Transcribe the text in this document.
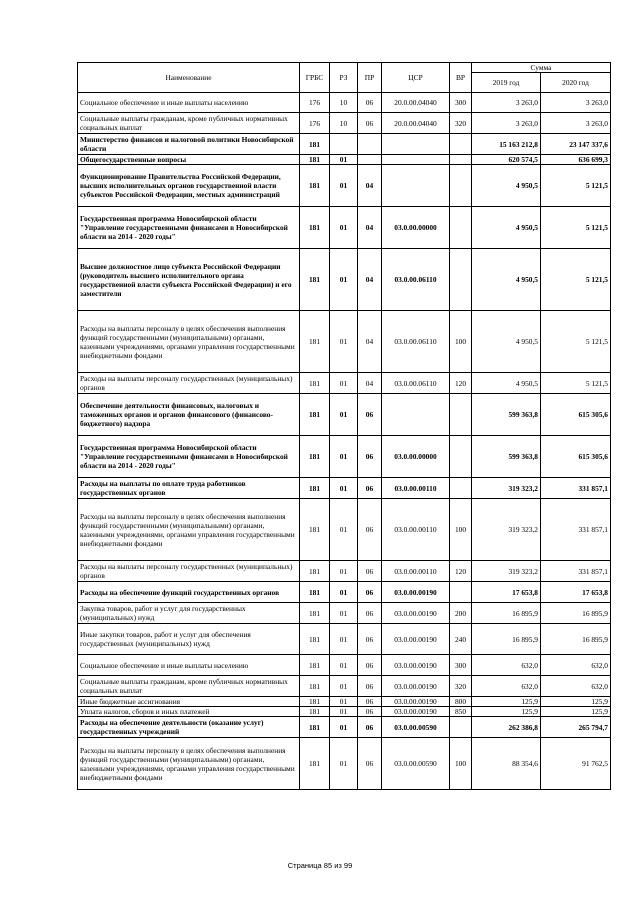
Наименование	ГРБС	РЗ	ПР	ЦСР	ВР	Сумма	
						2019 год	2020 год
Социальное обеспечение и иные выплаты населению	176	10	06	20.0.00.04040	300	3 263,0	3 263,0
Социальные выплаты гражданам, кроме публичных нормативных социальных выплат	176	10	06	20.0.00.04040	320	3 263,0	3 263,0
Министерство финансов и налоговой политики Новосибирской области	181					15 163 212,8	23 147 337,6
Общегосударственные вопросы	181	01				620 574,5	636 699,3
Функционирование Правительства Российской Федерации, высших исполнительных органов государственной власти субъектов Российской Федерации, местных администраций	181	01	04			4 950,5	5 121,5
Государственная программа Новосибирской области "Управление государственными финансами в Новосибирской области на 2014 - 2020 годы"	181	01	04	03.0.00.00000		4 950,5	5 121,5
Высшее должностное лицо субъекта Российской Федерации (руководитель высшего исполнительного органа государственной власти субъекта Российской Федерации) и его заместители	181	01	04	03.0.00.06110		4 950,5	5 121,5
Расходы на выплаты персоналу в целях обеспечения выполнения функций государственными (муниципальными) органами, казенными учреждениями, органами управления государственными внебюджетными фондами	181	01	04	03.0.00.06110	100	4 950,5	5 121,5
Расходы на выплаты персоналу государственных (муниципальных) органов	181	01	04	03.0.00.06110	120	4 950,5	5 121,5
Обеспечение деятельности финансовых, налоговых и таможенных органов и органов финансового (финансово-бюджетного) надзора	181	01	06			599 363,8	615 305,6
Государственная программа Новосибирской области "Управление государственными финансами в Новосибирской области на 2014 - 2020 годы"	181	01	06	03.0.00.00000		599 363,8	615 305,6
Расходы на выплаты по оплате труда работников государственных органов	181	01	06	03.0.00.00110		319 323,2	331 857,1
Расходы на выплаты персоналу в целях обеспечения выполнения функций государственными (муниципальными) органами, казенными учреждениями, органами управления государственными внебюджетными фондами	181	01	06	03.0.00.00110	100	319 323,2	331 857,1
Расходы на выплаты персоналу государственных (муниципальных) органов	181	01	06	03.0.00.00110	120	319 323,2	331 857,1
Расходы на обеспечение функций государственных органов	181	01	06	03.0.00.00190		17 653,8	17 653,8
Закупка товаров, работ и услуг для государственных (муниципальных) нужд	181	01	06	03.0.00.00190	200	16 895,9	16 895,9
Иные закупки товаров, работ и услуг для обеспечения государственных (муниципальных) нужд	181	01	06	03.0.00.00190	240	16 895,9	16 895,9
Социальное обеспечение и иные выплаты населению	181	01	06	03.0.00.00190	300	632,0	632,0
Социальные выплаты гражданам, кроме публичных нормативных социальных выплат	181	01	06	03.0.00.00190	320	632,0	632,0
Иные бюджетные ассигнования	181	01	06	03.0.00.00190	800	125,9	125,9
Уплата налогов, сборов и иных платежей	181	01	06	03.0.00.00190	850	125,9	125,9
Расходы на обеспечение деятельности (оказание услуг) государственных учреждений	181	01	06	03.0.00.00590		262 386,8	265 794,7
Расходы на выплаты персоналу в целях обеспечения выполнения функций государственными (муниципальными) органами, казенными учреждениями, органами управления государственными внебюджетными фондами	181	01	06	03.0.00.00590	100	88 354,6	91 762,5
Страница 85 из 99
